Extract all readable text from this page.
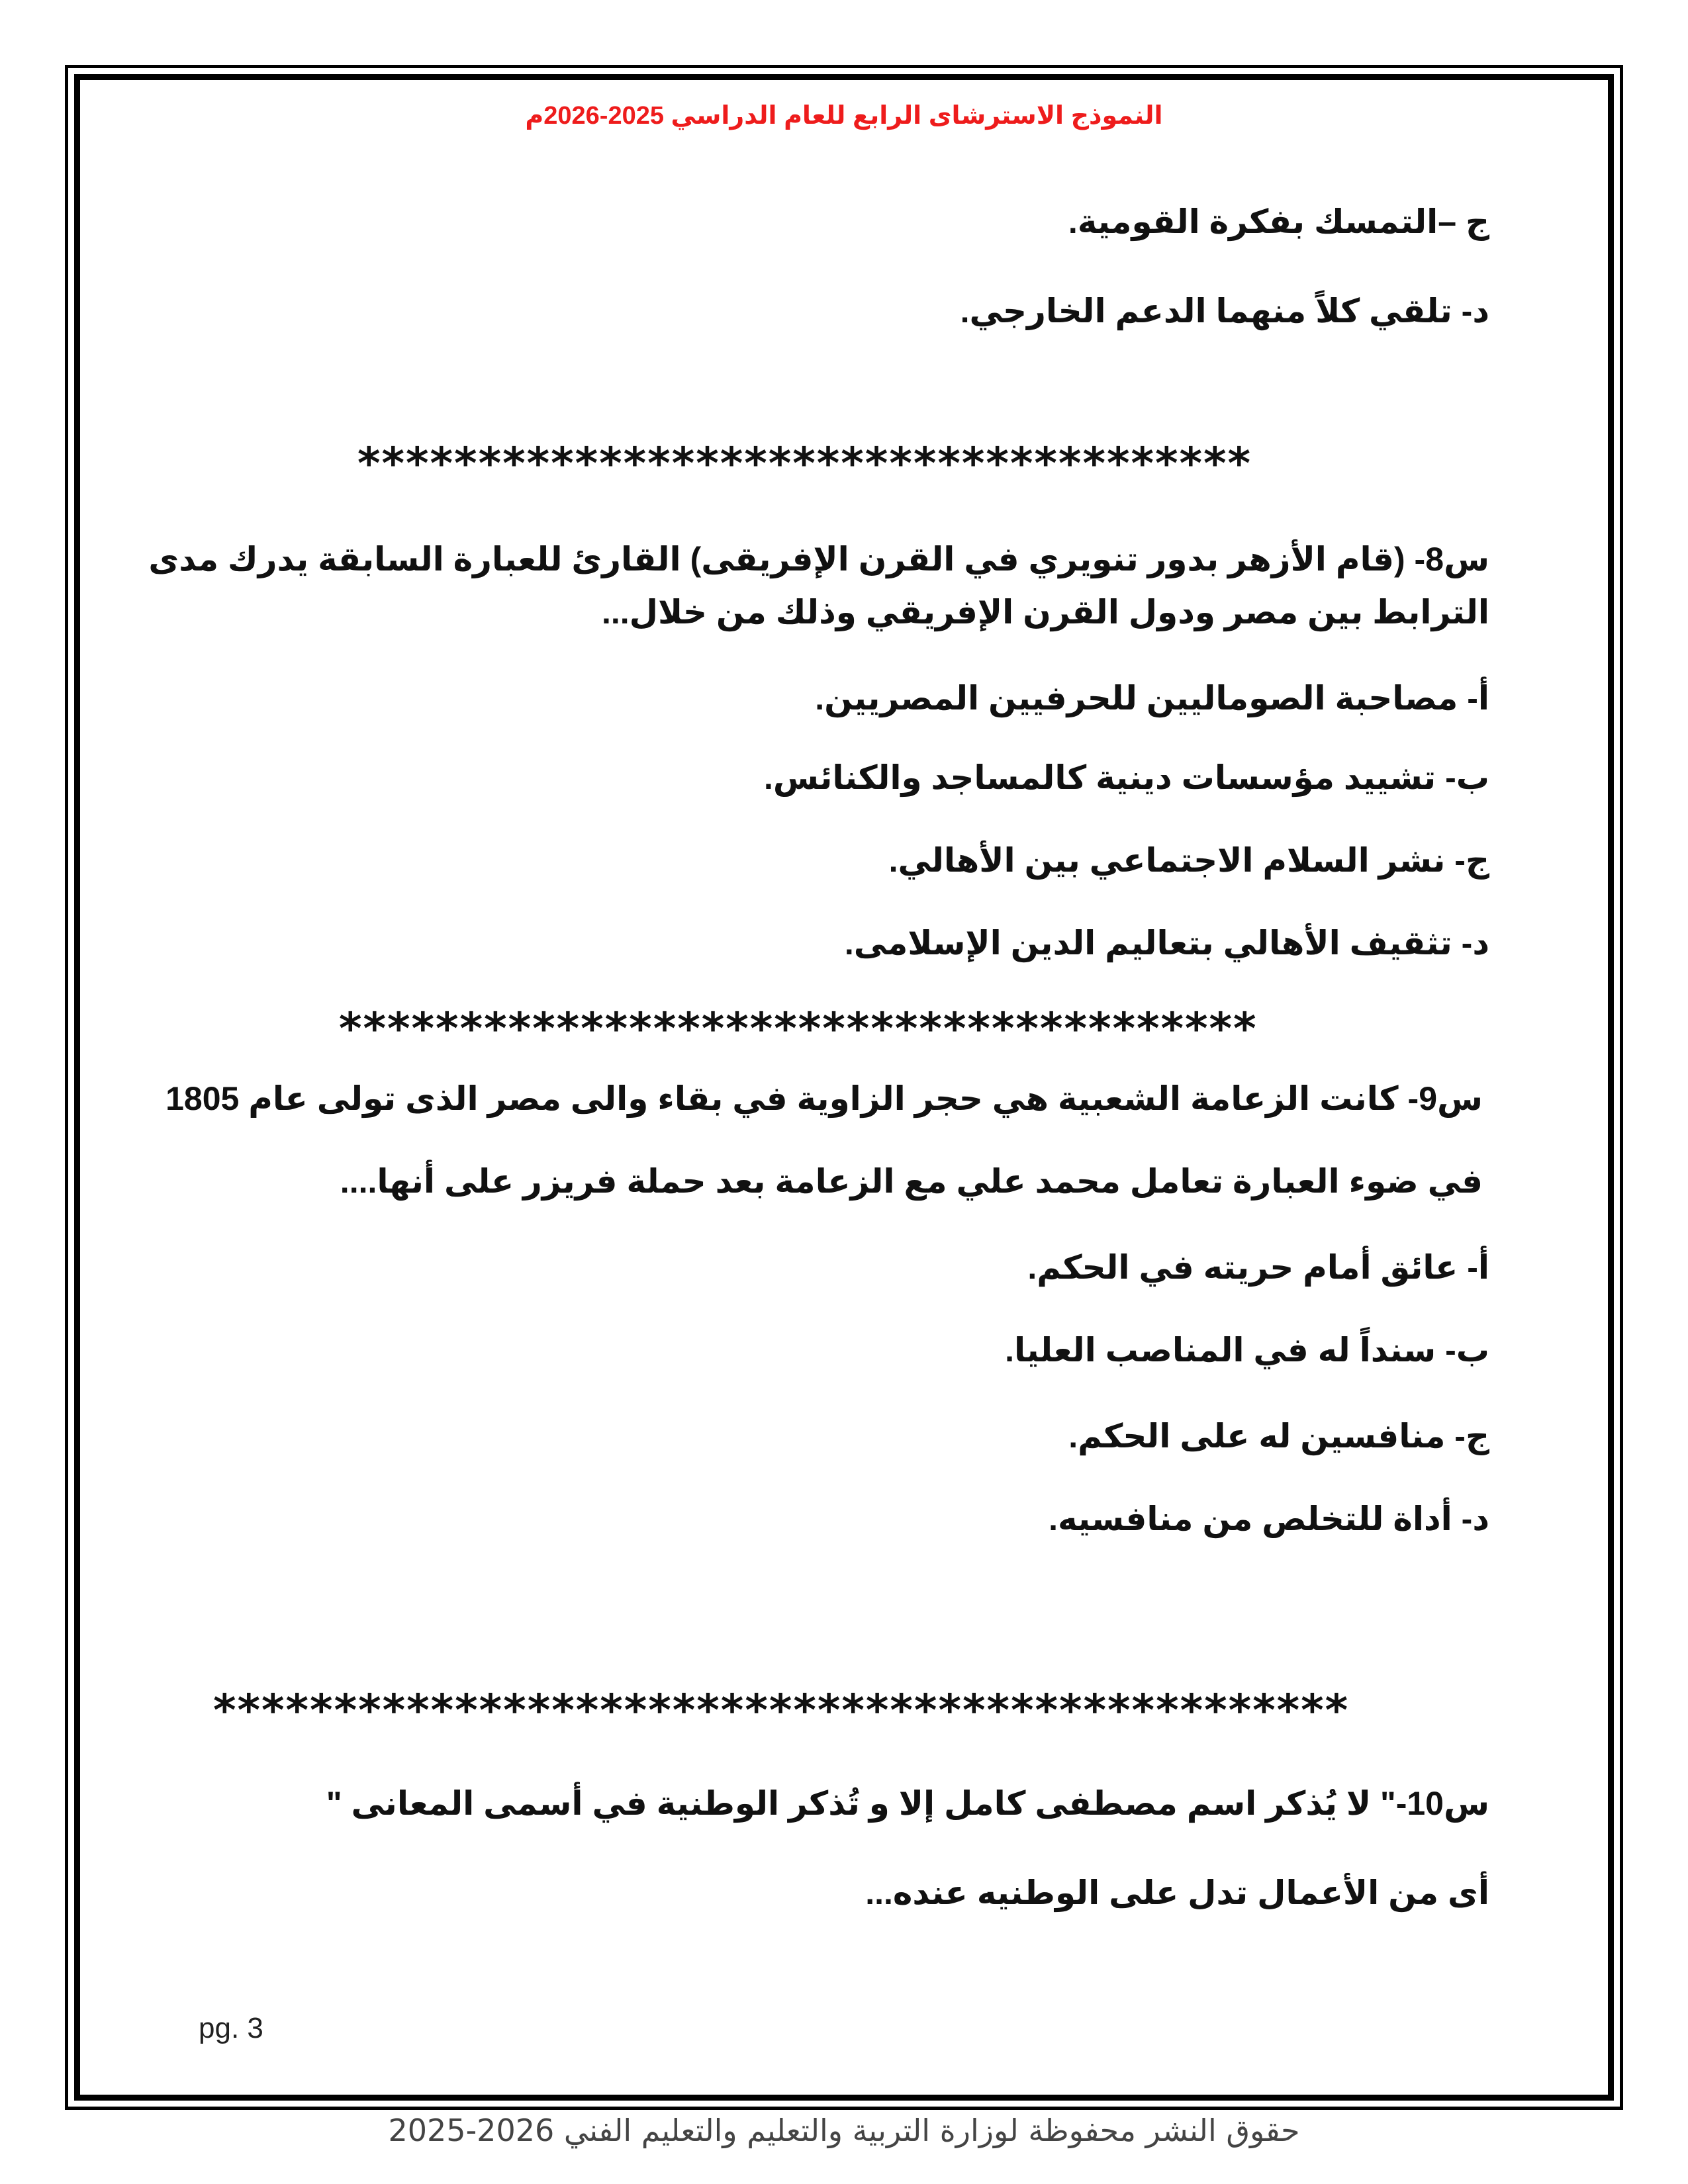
النموذج الاسترشاى الرابع للعام الدراسي 2025-2026م
ج –التمسك بفكرة القومية.
د- تلقي كلاً منهما الدعم الخارجي.
*************************************
س8- (قام الأزهر بدور تنويري في القرن الإفريقى) القارئ للعبارة السابقة يدرك مدى
الترابط بين مصر ودول القرن الإفريقي وذلك من خلال...
أ- مصاحبة الصوماليين للحرفيين المصريين.
ب- تشييد مؤسسات دينية كالمساجد والكنائس.
ج- نشر السلام الاجتماعي بين الأهالي.
د- تثقيف الأهالي بتعاليم الدين الإسلامى.
**************************************
س9- كانت الزعامة الشعبية هي حجر الزاوية في بقاء والى مصر الذى تولى عام 1805
في ضوء العبارة تعامل محمد علي مع الزعامة بعد حملة فريزر على أنها....
أ- عائق أمام حريته في الحكم.
ب- سنداً له في المناصب العليا.
ج- منافسين له على الحكم.
د- أداة للتخلص من منافسيه.
***********************************************
س10-" لا يُذكر اسم مصطفى كامل إلا و تُذكر الوطنية في أسمى المعانى "
أى من الأعمال تدل على الوطنيه عنده...
pg. 3
حقوق النشر محفوظة لوزارة التربية والتعليم والتعليم الفني 2026-2025
